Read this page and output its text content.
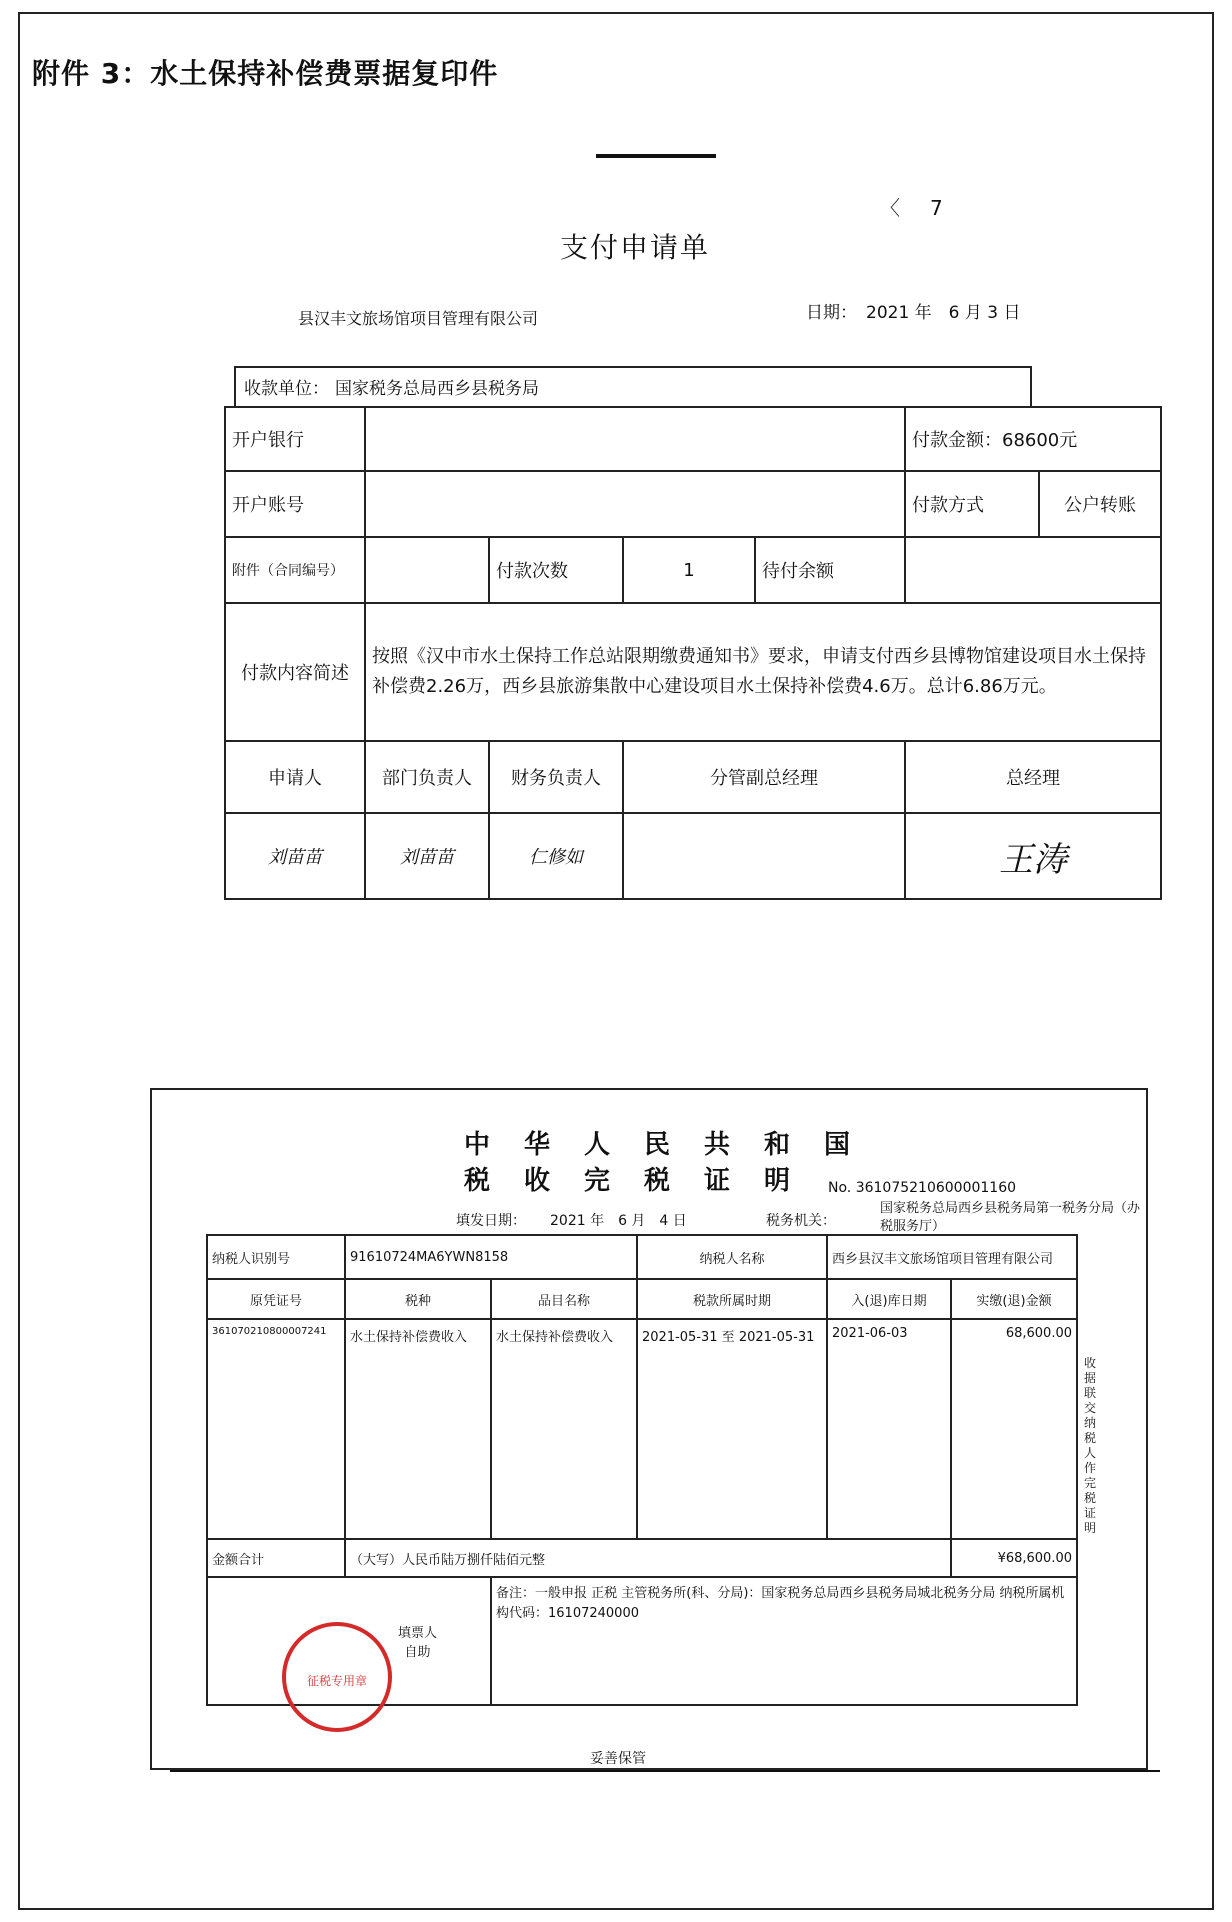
附件 3：水土保持补偿费票据复印件
〈7
支付申请单
县汉丰文旅场馆项目管理有限公司	日期： 2021 年　6 月 3 日
收款单位： 国家税务总局西乡县税务局
开户银行					付款金额：68600元	
开户账号					付款方式	公户转账
附件（合同编号）		付款次数	1	待付余额		
付款内容简述	按照《汉中市水土保持工作总站限期缴费通知书》要求，申请支付西乡县博物馆建设项目水土保持补偿费2.26万，西乡县旅游集散中心建设项目水土保持补偿费4.6万。总计6.86万元。					
申请人	部门负责人	财务负责人	分管副总经理		总经理	
刘苗苗	刘苗苗	仁修如			王涛	
中华人民共和国
税收完税证明 No. 361075210600001160
填发日期： 2021 年　6 月　4 日	税务机关：
国家税务总局西乡县税务局第一税务分局（办税服务厅）
纳税人识别号	91610724MA6YWN8158		纳税人名称	西乡县汉丰文旅场馆项目管理有限公司	
原凭证号	税种	品目名称	税款所属时期	入(退)库日期	实缴(退)金额
361070210800007241	水土保持补偿费收入	水土保持补偿费收入	2021-05-31 至 2021-05-31	2021-06-03	68,600.00
金额合计	（大写）人民币陆万捌仟陆佰元整				¥68,600.00

	填票人
自助	备注：一般申报 正税 主管税务所(科、分局)：国家税务总局西乡县税务局城北税务分局 纳税所属机构代码：16107240000			
收据联 交纳税人作完税证明
征税专用章
妥善保管
